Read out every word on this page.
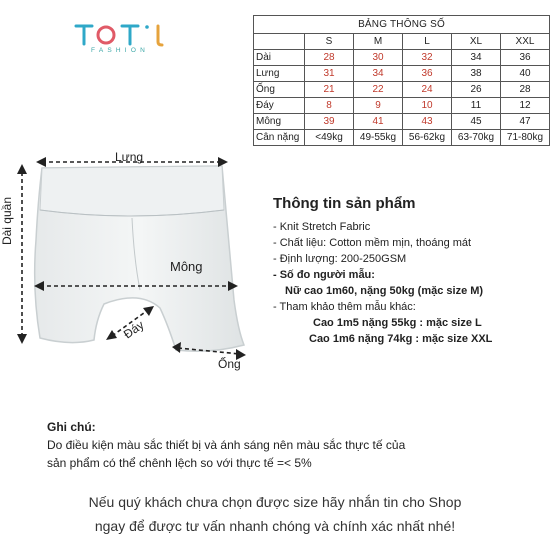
FASHION
BẢNG THÔNG SỐ					
	S	M	L	XL	XXL
Dài	28	30	32	34	36
Lưng	31	34	36	38	40
Ống	21	22	24	26	28
Đáy	8	9	10	11	12
Mông	39	41	43	45	47
Cân nặng	<49kg	49-55kg	56-62kg	63-70kg	71-80kg
Lưng
Dài quần
Mông
Đáy
Ống
Thông tin sản phẩm
- Knit Stretch Fabric
- Chất liệu: Cotton mềm mịn, thoáng mát
- Định lượng: 200-250GSM
- Số đo người mẫu:
Nữ cao 1m60, nặng 50kg (mặc size M)
- Tham khảo thêm mẫu khác:
Cao 1m5 nặng 55kg : mặc size L
Cao 1m6 nặng 74kg : mặc size XXL
Ghi chú:
Do điều kiện màu sắc thiết bị và ánh sáng nên màu sắc thực tế của
sản phẩm có thể chênh lệch so với thực tế =< 5%
Nếu quý khách chưa chọn được size hãy nhắn tin cho Shop
ngay để được tư vấn nhanh chóng và chính xác nhất nhé!
